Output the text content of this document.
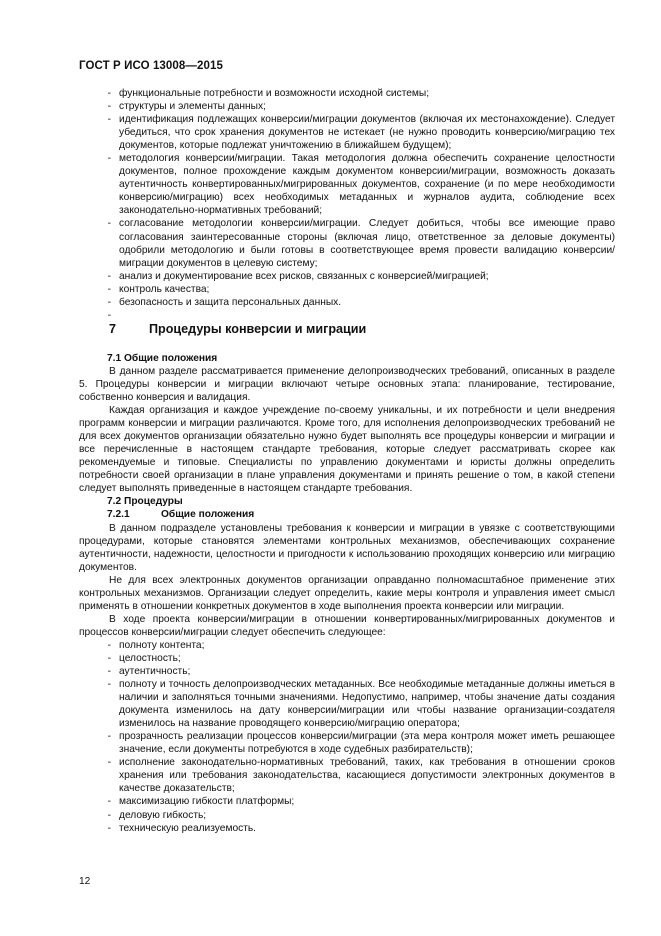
ГОСТ Р ИСО 13008—2015
- функциональные потребности и возможности исходной системы;
- структуры и элементы данных;
- идентификация подлежащих конверсии/миграции документов (включая их местонахождение). Следует убедиться, что срок хранения документов не истекает (не нужно проводить конверсию/миграцию тех документов, которые подлежат уничтожению в ближайшем будущем);
- методология конверсии/миграции. Такая методология должна обеспечить сохранение целостности документов, полное прохождение каждым документом конверсии/миграции, возможность доказать аутентичность конвертированных/мигрированных документов, сохранение (и по мере необходимости конверсию/миграцию) всех необходимых метаданных и журналов аудита, соблюдение всех законодательно-нормативных требований;
- согласование методологии конверсии/миграции. Следует добиться, чтобы все имеющие право согласования заинтересованные стороны (включая лицо, ответственное за деловые документы) одобрили методологию и были готовы в соответствующее время провести валидацию конверсии/миграции документов в целевую систему;
- анализ и документирование всех рисков, связанных с конверсией/миграцией;
- контроль качества;
- безопасность и защита персональных данных.
-
7	Процедуры конверсии и миграции

7.1 Общие положения

В данном разделе рассматривается применение делопроизводческих требований, описанных в разделе 5. Процедуры конверсии и миграции включают четыре основных этапа: планирование, тестирование, собственно конверсия и валидация.

Каждая организация и каждое учреждение по-своему уникальны, и их потребности и цели внедрения программ конверсии и миграции различаются. Кроме того, для исполнения делопроизводческих требований не для всех документов организации обязательно нужно будет выполнять все процедуры конверсии и миграции и все перечисленные в настоящем стандарте требования, которые следует рассматривать скорее как рекомендуемые и типовые. Специалисты по управлению документами и юристы должны определить потребности своей организации в плане управления документами и принять решение о том, в какой степени следует выполнять приведенные в настоящем стандарте требования.

7.2 Процедуры

7.2.1	Общие положения

В данном подразделе установлены требования к конверсии и миграции в увязке с соответствующими процедурами, которые становятся элементами контрольных механизмов, обеспечивающих сохранение аутентичности, надежности, целостности и пригодности к использованию проходящих конверсию или миграцию документов.

Не для всех электронных документов организации оправданно полномасштабное применение этих контрольных механизмов. Организации следует определить, какие меры контроля и управления имеет смысл применять в отношении конкретных документов в ходе выполнения проекта конверсии или миграции.

В ходе проекта конверсии/миграции в отношении конвертированных/мигрированных документов и процессов конверсии/миграции следует обеспечить следующее:

- полноту контента;
- целостность;
- аутентичность;
- полноту и точность делопроизводческих метаданных. Все необходимые метаданные должны иметься в наличии и заполняться точными значениями. Недопустимо, например, чтобы значение даты создания документа изменилось на дату конверсии/миграции или чтобы название организации-создателя изменилось на название проводящего конверсию/миграцию оператора;
- прозрачность реализации процессов конверсии/миграции (эта мера контроля может иметь решающее значение, если документы потребуются в ходе судебных разбирательств);
- исполнение законодательно-нормативных требований, таких, как требования в отношении сроков хранения или требования законодательства, касающиеся допустимости электронных документов в качестве доказательств;
- максимизацию гибкости платформы;
- деловую гибкость;
- техническую реализуемость.
12
